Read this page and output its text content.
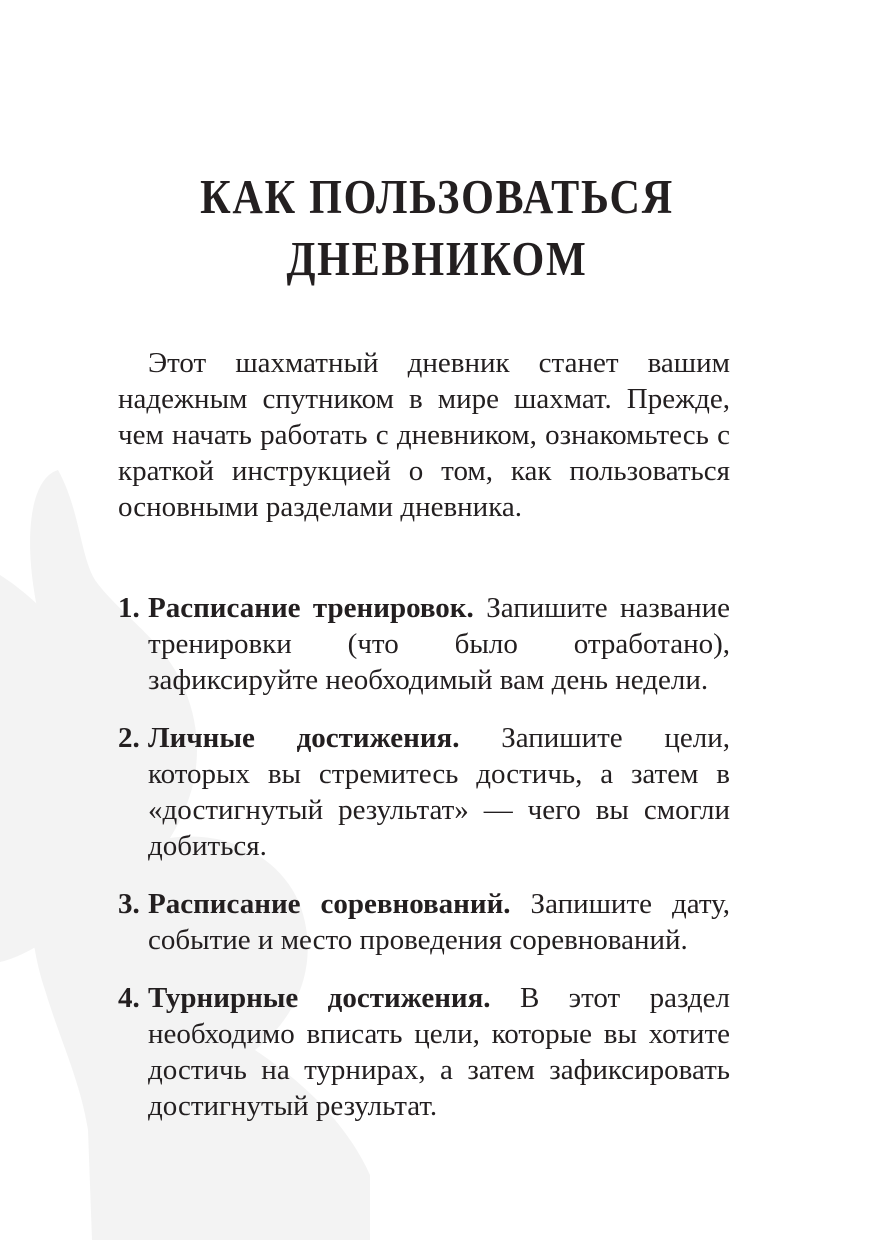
КАК ПОЛЬЗОВАТЬСЯ
ДНЕВНИКОМ

Этот шахматный дневник станет вашим надежным спутником в мире шахмат. Прежде, чем начать работать с дневником, ознакомьтесь с краткой инструкцией о том, как пользоваться основными разделами дневника.

1. Расписание тренировок. Запишите название тренировки (что было отработано), зафиксируйте необходимый вам день недели.
2. Личные достижения. Запишите цели, которых вы стремитесь достичь, а затем в «достигнутый результат» — чего вы смогли добиться.
3. Расписание соревнований. Запишите дату, событие и место проведения соревнований.
4. Турнирные достижения. В этот раздел необходимо вписать цели, которые вы хотите достичь на турнирах, а затем зафиксировать достигнутый результат.
